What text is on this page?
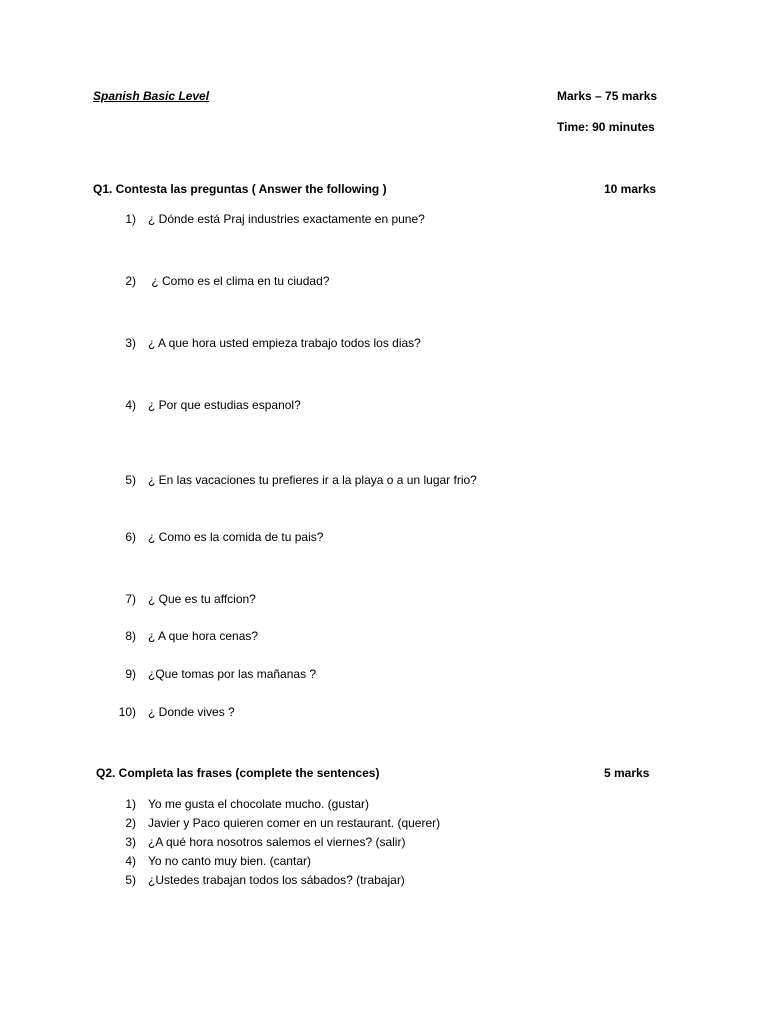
Spanish Basic Level	Marks – 75 marks
Time: 90 minutes
Q1. Contesta las preguntas ( Answer the following )	10 marks
1) ¿ Dónde está Praj industries exactamente en pune?
2) ¿ Como es el clima en tu ciudad?
3) ¿ A que hora usted empieza trabajo todos los dias?
4) ¿ Por que estudias espanol?
5) ¿ En las vacaciones tu prefieres ir a la playa o a un lugar frio?
6) ¿ Como es la comida de tu pais?
7) ¿ Que es tu affcion?
8) ¿ A que hora cenas?
9) ¿Que tomas por las mañanas ?
10) ¿ Donde vives ?
Q2. Completa las frases (complete the sentences)	5 marks
1) Yo me gusta el chocolate mucho. (gustar)
2) Javier y Paco quieren comer en un restaurant. (querer)
3) ¿A qué hora nosotros salemos el viernes? (salir)
4) Yo no canto muy bien. (cantar)
5) ¿Ustedes trabajan todos los sábados? (trabajar)
